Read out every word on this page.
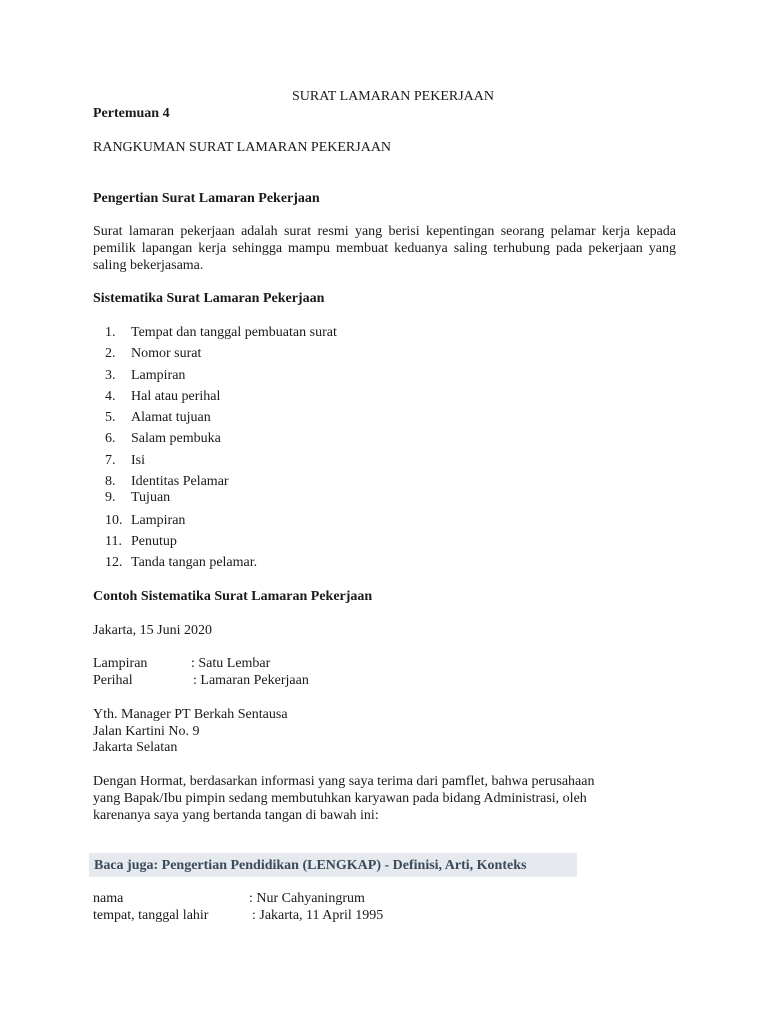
SURAT LAMARAN PEKERJAAN
Pertemuan 4
RANGKUMAN SURAT LAMARAN PEKERJAAN
Pengertian Surat Lamaran Pekerjaan
Surat lamaran pekerjaan adalah surat resmi yang berisi kepentingan seorang pelamar kerja kepada pemilik lapangan kerja sehingga mampu membuat keduanya saling terhubung pada pekerjaan yang saling bekerjasama.
Sistematika Surat Lamaran Pekerjaan
1. Tempat dan tanggal pembuatan surat
2. Nomor surat
3. Lampiran
4. Hal atau perihal
5. Alamat tujuan
6. Salam pembuka
7. Isi
8. Identitas Pelamar
9. Tujuan
10. Lampiran
11. Penutup
12. Tanda tangan pelamar.
Contoh Sistematika Surat Lamaran Pekerjaan
Jakarta, 15 Juni 2020
Lampiran	: Satu Lembar
Perihal	: Lamaran Pekerjaan
Yth. Manager PT Berkah Sentausa
Jalan Kartini No. 9
Jakarta Selatan
Dengan Hormat, berdasarkan informasi yang saya terima dari pamflet, bahwa perusahaan
yang Bapak/Ibu pimpin sedang membutuhkan karyawan pada bidang Administrasi, oleh
karenanya saya yang bertanda tangan di bawah ini:
Baca juga: Pengertian Pendidikan (LENGKAP) - Definisi, Arti, Konteks
nama	: Nur Cahyaningrum
tempat, tanggal lahir	: Jakarta, 11 April 1995
